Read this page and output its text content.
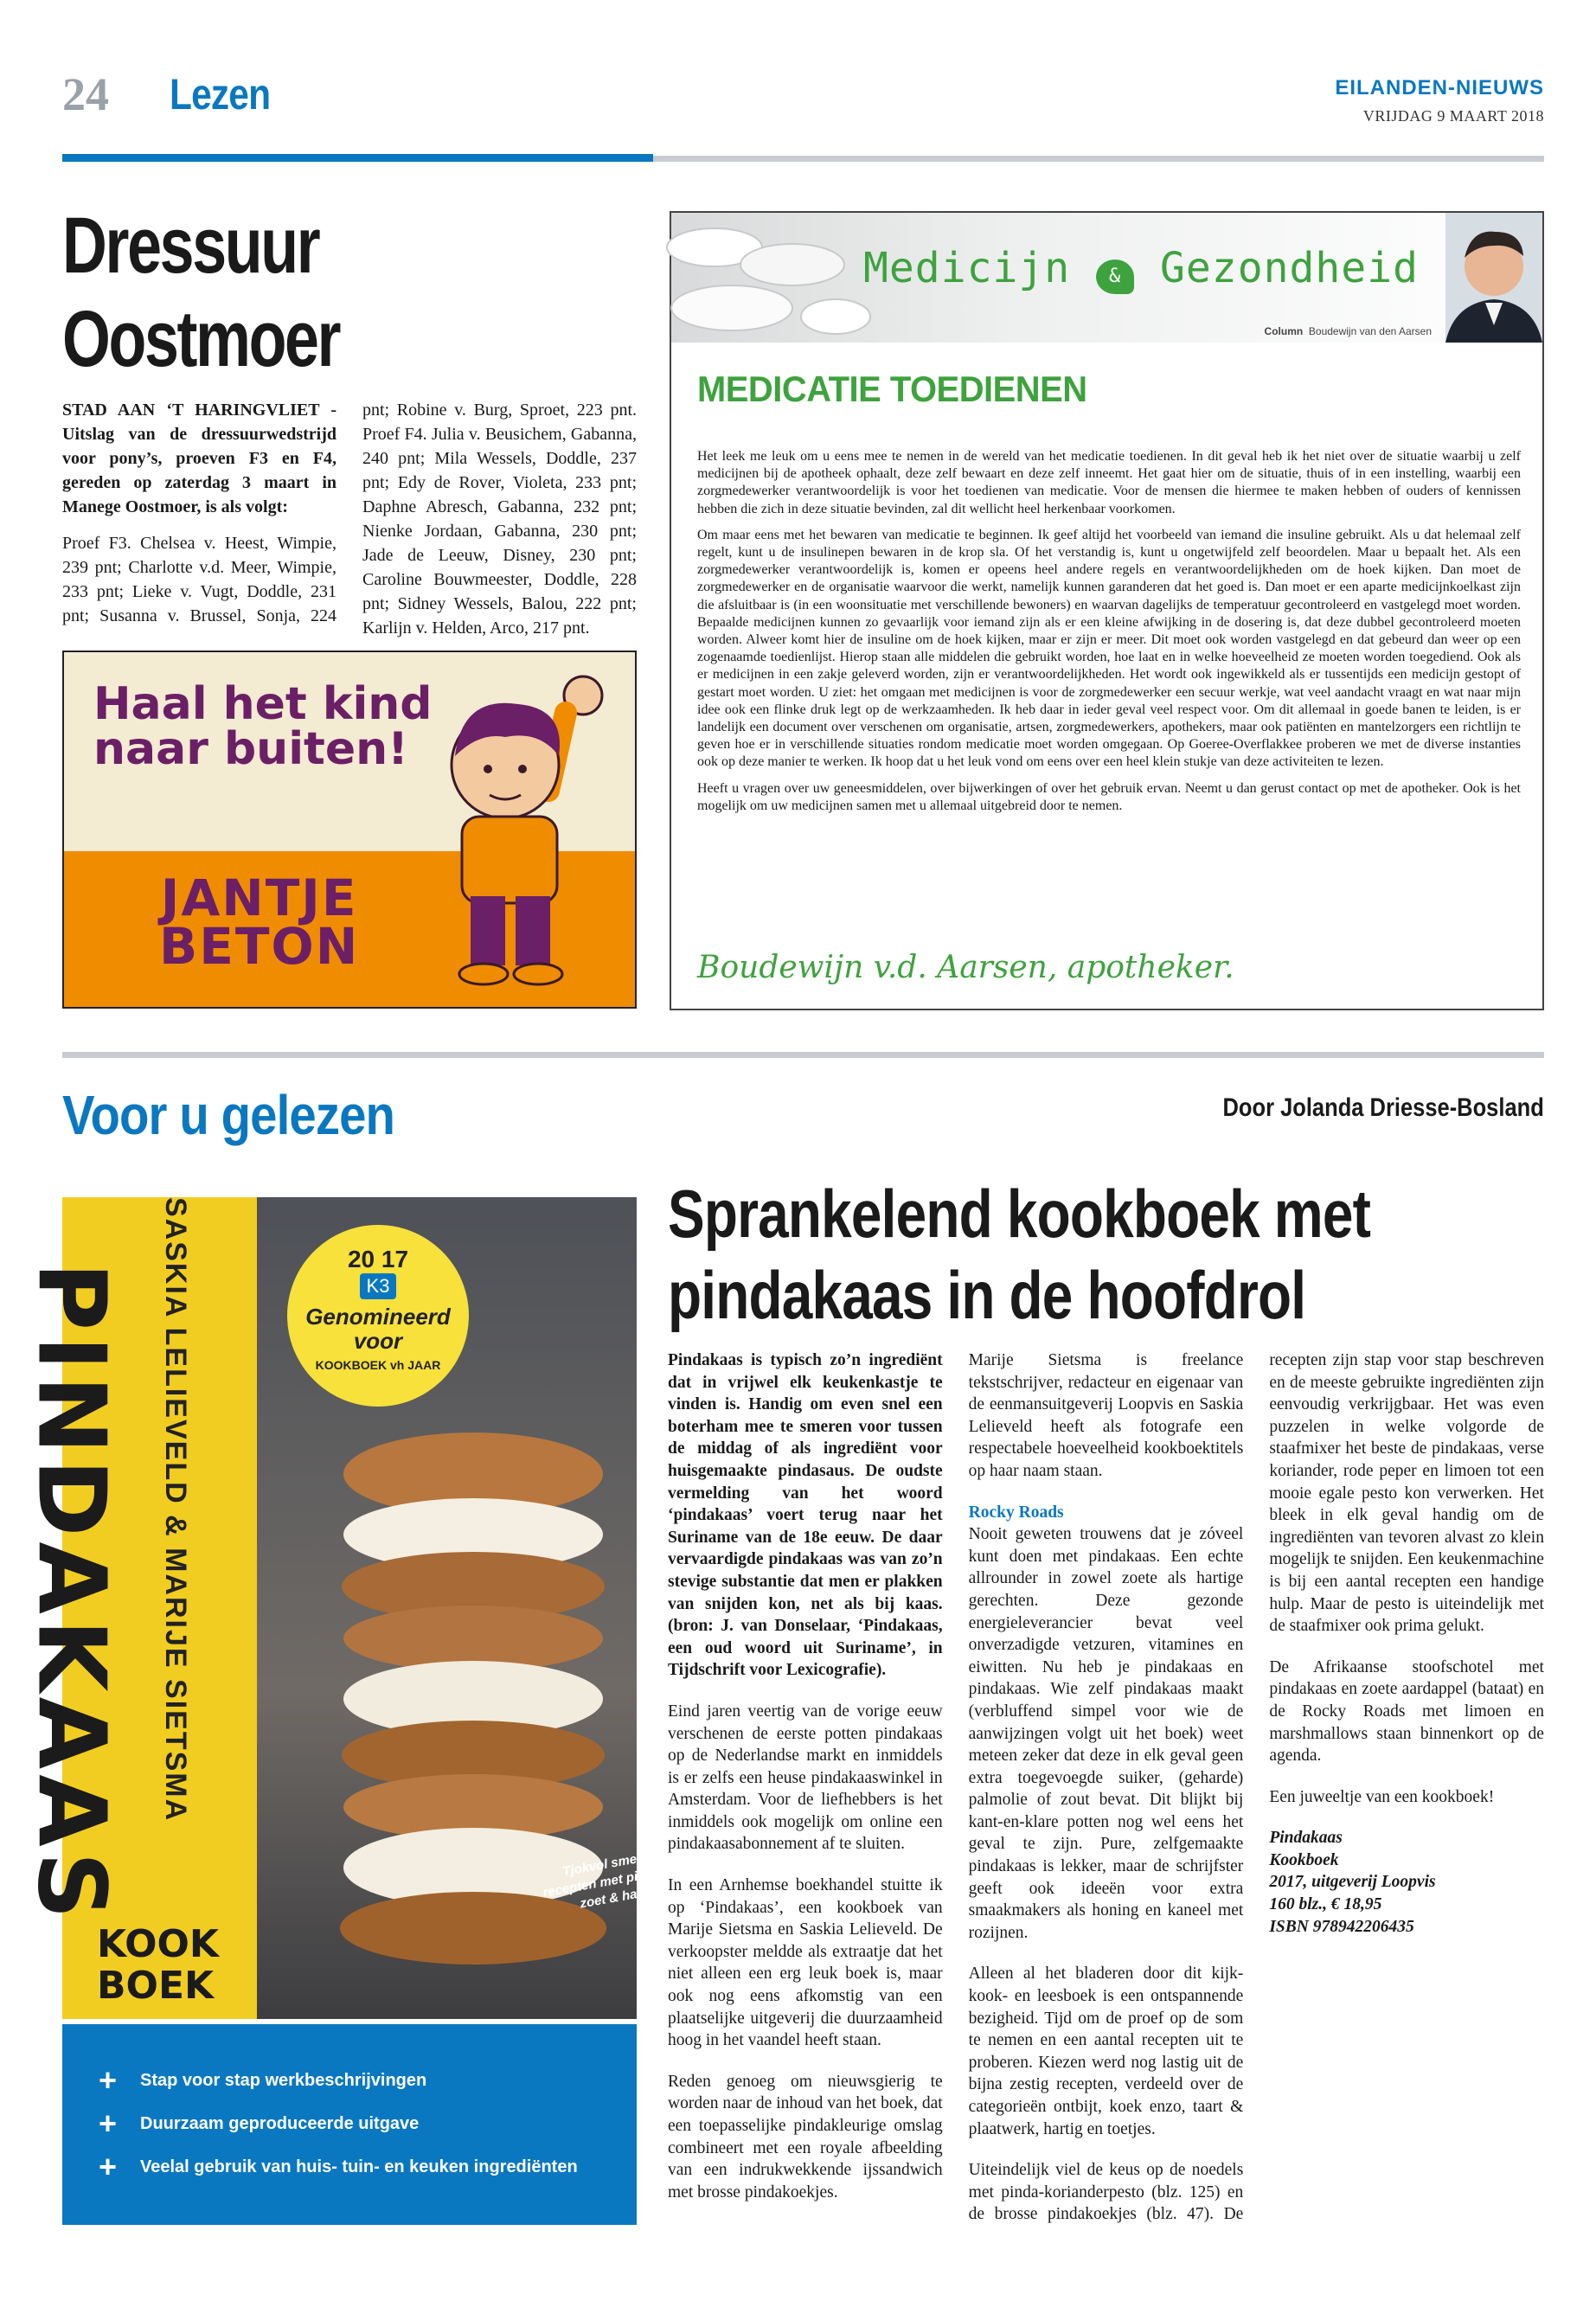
24 Lezen	EILANDEN-NIEUWS
VRIJDAG 9 MAART 2018
Dressuur Oostmoer

STAD AAN ‘T HARINGVLIET - Uitslag van de dressuurwedstrijd voor pony’s, proeven F3 en F4, gereden op zaterdag 3 maart in Manege Oostmoer, is als volgt:

Proef F3. Chelsea v. Heest, Wimpie, 239 pnt; Charlotte v.d. Meer, Wimpie, 233 pnt; Lieke v. Vugt, Doddle, 231 pnt; Susanna v. Brussel, Sonja, 224 pnt; Robine v. Burg, Sproet, 223 pnt. Proef F4. Julia v. Beusichem, Gabanna, 240 pnt; Mila Wessels, Doddle, 237 pnt; Edy de Rover, Violeta, 233 pnt; Daphne Abresch, Gabanna, 232 pnt; Nienke Jordaan, Gabanna, 230 pnt; Jade de Leeuw, Disney, 230 pnt; Caroline Bouwmeester, Doddle, 228 pnt; Sidney Wessels, Balou, 222 pnt; Karlijn v. Helden, Arco, 217 pnt.

Haal het kind
naar buiten!
JANTJE
BETON
Medicijn & Gezondheid
Column Boudewijn van den Aarsen
MEDICATIE TOEDIENEN

Het leek me leuk om u eens mee te nemen in de wereld van het medicatie toedienen. In dit geval heb ik het niet over de situatie waarbij u zelf medicijnen bij de apotheek ophaalt, deze zelf bewaart en deze zelf inneemt. Het gaat hier om de situatie, thuis of in een instelling, waarbij een zorgmedewerker verantwoordelijk is voor het toedienen van medicatie. Voor de mensen die hiermee te maken hebben of ouders of kennissen hebben die zich in deze situatie bevinden, zal dit wellicht heel herkenbaar voorkomen.

Om maar eens met het bewaren van medicatie te beginnen. Ik geef altijd het voorbeeld van iemand die insuline gebruikt. Als u dat helemaal zelf regelt, kunt u de insulinepen bewaren in de krop sla. Of het verstandig is, kunt u ongetwijfeld zelf beoordelen. Maar u bepaalt het. Als een zorgmedewerker verantwoordelijk is, komen er opeens heel andere regels en verantwoordelijkheden om de hoek kijken. Dan moet de zorgmedewerker en de organisatie waarvoor die werkt, namelijk kunnen garanderen dat het goed is. Dan moet er een aparte medicijnkoelkast zijn die afsluitbaar is (in een woonsituatie met verschillende bewoners) en waarvan dagelijks de temperatuur gecontroleerd en vastgelegd moet worden. Bepaalde medicijnen kunnen zo gevaarlijk voor iemand zijn als er een kleine afwijking in de dosering is, dat deze dubbel gecontroleerd moeten worden. Alweer komt hier de insuline om de hoek kijken, maar er zijn er meer. Dit moet ook worden vastgelegd en dat gebeurd dan weer op een zogenaamde toedienlijst. Hierop staan alle middelen die gebruikt worden, hoe laat en in welke hoeveelheid ze moeten worden toegediend. Ook als er medicijnen in een zakje geleverd worden, zijn er verantwoordelijkheden. Het wordt ook ingewikkeld als er tussentijds een medicijn gestopt of gestart moet worden. U ziet: het omgaan met medicijnen is voor de zorgmedewerker een secuur werkje, wat veel aandacht vraagt en wat naar mijn idee ook een flinke druk legt op de werkzaamheden. Ik heb daar in ieder geval veel respect voor. Om dit allemaal in goede banen te leiden, is er landelijk een document over verschenen om organisatie, artsen, zorgmedewerkers, apothekers, maar ook patiënten en mantelzorgers een richtlijn te geven hoe er in verschillende situaties rondom medicatie moet worden omgegaan. Op Goeree-Overflakkee proberen we met de diverse instanties ook op deze manier te werken. Ik hoop dat u het leuk vond om eens over een heel klein stukje van deze activiteiten te lezen.

Heeft u vragen over uw geneesmiddelen, over bijwerkingen of over het gebruik ervan. Neemt u dan gerust contact op met de apotheker. Ook is het mogelijk om uw medicijnen samen met u allemaal uitgebreid door te nemen.

Boudewijn v.d. Aarsen, apotheker.
Voor u gelezen	Door Jolanda Driesse-Bosland
SASKIA LELIEVELD & MARIJE SIETSMA
PINDAKAAS
20 17
K3
Genomineerd voor
KOOKBOEK vh JAAR
Tjokvol smeuïge recepten met pindakaas zoet & hartig
KOOK
BOEK
+	Stap voor stap werkbeschrijvingen
+	Duurzaam geproduceerde uitgave
+	Veelal gebruik van huis- tuin- en keuken ingrediënten
Sprankelend kookboek met pindakaas in de hoofdrol

Pindakaas is typisch zo’n ingrediënt dat in vrijwel elk keukenkastje te vinden is. Handig om even snel een boterham mee te smeren voor tussen de middag of als ingrediënt voor huisgemaakte pindasaus. De oudste vermelding van het woord ‘pindakaas’ voert terug naar het Suriname van de 18e eeuw. De daar vervaardigde pindakaas was van zo’n stevige substantie dat men er plakken van snijden kon, net als bij kaas. (bron: J. van Donselaar, ‘Pindakaas, een oud woord uit Suriname’, in Tijdschrift voor Lexicografie).

Eind jaren veertig van de vorige eeuw verschenen de eerste potten pindakaas op de Nederlandse markt en inmiddels is er zelfs een heuse pindakaaswinkel in Amsterdam. Voor de liefhebbers is het inmiddels ook mogelijk om online een pindakaasabonnement af te sluiten.

In een Arnhemse boekhandel stuitte ik op ‘Pindakaas’, een kookboek van Marije Sietsma en Saskia Lelieveld. De verkoopster meldde als extraatje dat het niet alleen een erg leuk boek is, maar ook nog eens afkomstig van een plaatselijke uitgeverij die duurzaamheid hoog in het vaandel heeft staan.

Reden genoeg om nieuwsgierig te worden naar de inhoud van het boek, dat een toepasselijke pindakleurige omslag combineert met een royale afbeelding van een indrukwekkende ijssandwich met brosse pindakoekjes.

Marije Sietsma is freelance tekstschrijver, redacteur en eigenaar van de eenmansuitgeverij Loopvis en Saskia Lelieveld heeft als fotografe een respectabele hoeveelheid kookboektitels op haar naam staan.

Rocky Roads

Nooit geweten trouwens dat je zóveel kunt doen met pindakaas. Een echte allrounder in zowel zoete als hartige gerechten. Deze gezonde energieleverancier bevat veel onverzadigde vetzuren, vitamines en eiwitten. Nu heb je pindakaas en pindakaas. Wie zelf pindakaas maakt (verbluffend simpel voor wie de aanwijzingen volgt uit het boek) weet meteen zeker dat deze in elk geval geen extra toegevoegde suiker, (geharde) palmolie of zout bevat. Dit blijkt bij kant-en-klare potten nog wel eens het geval te zijn. Pure, zelfgemaakte pindakaas is lekker, maar de schrijfster geeft ook ideeën voor extra smaakmakers als honing en kaneel met rozijnen.

Alleen al het bladeren door dit kijk- kook- en leesboek is een ontspannende bezigheid. Tijd om de proef op de som te nemen en een aantal recepten uit te proberen. Kiezen werd nog lastig uit de bijna zestig recepten, verdeeld over de categorieën ontbijt, koek enzo, taart & plaatwerk, hartig en toetjes.

Uiteindelijk viel de keus op de noedels met pinda-korianderpesto (blz. 125) en de brosse pindakoekjes (blz. 47). De recepten zijn stap voor stap beschreven en de meeste gebruikte ingrediënten zijn eenvoudig verkrijgbaar. Het was even puzzelen in welke volgorde de staafmixer het beste de pindakaas, verse koriander, rode peper en limoen tot een mooie egale pesto kon verwerken. Het bleek in elk geval handig om de ingrediënten van tevoren alvast zo klein mogelijk te snijden. Een keukenmachine is bij een aantal recepten een handige hulp. Maar de pesto is uiteindelijk met de staafmixer ook prima gelukt.

De Afrikaanse stoofschotel met pindakaas en zoete aardappel (bataat) en de Rocky Roads met limoen en marshmallows staan binnenkort op de agenda.

Een juweeltje van een kookboek!

Pindakaas
Kookboek
2017, uitgeverij Loopvis
160 blz., € 18,95
ISBN 978942206435
